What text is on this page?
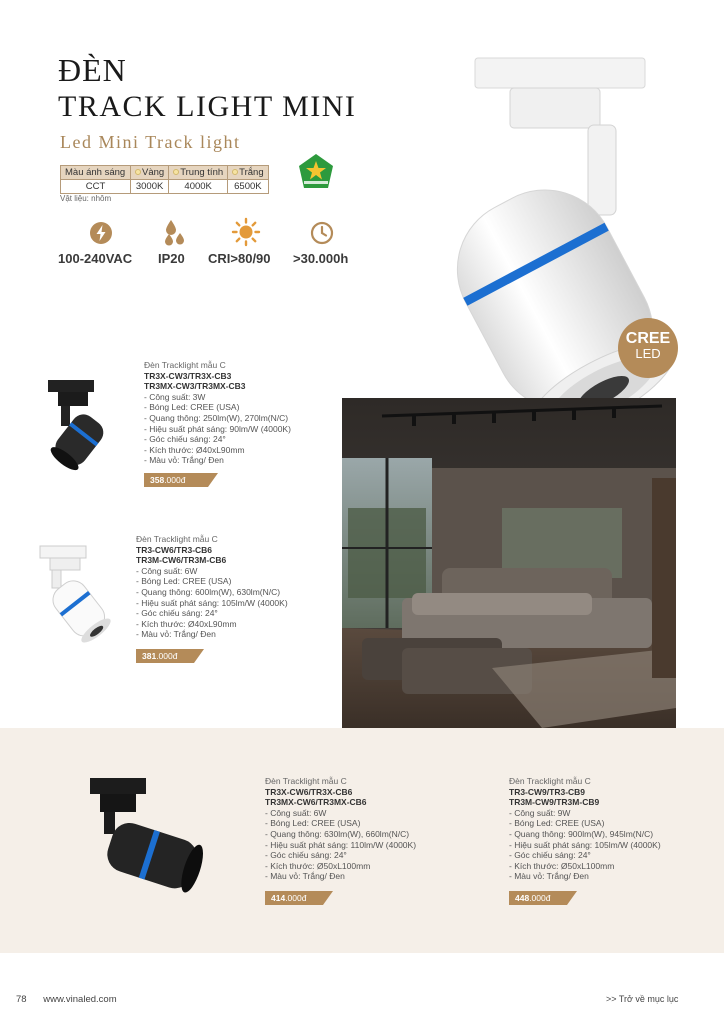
ĐÈN
TRACK LIGHT MINI
Led Mini Track light
Màu ánh sáng	Vàng	Trung tính	Trắng
CCT	3000K	4000K	6500K
Vật liệu: nhôm
100-240VAC IP20 CRI>80/90 >30.000h
CREE
LED
Đèn Tracklight mẫu C
TR3X-CW3/TR3X-CB3
TR3MX-CW3/TR3MX-CB3
- Công suất: 3W
- Bóng Led: CREE (USA)
- Quang thông: 250lm(W), 270lm(N/C)
- Hiệu suất phát sáng: 90lm/W (4000K)
- Góc chiếu sáng: 24°
- Kích thước: Ø40xL90mm
- Màu vỏ: Trắng/ Đen
358.000đ
Đèn Tracklight mẫu C
TR3-CW6/TR3-CB6
TR3M-CW6/TR3M-CB6
- Công suất: 6W
- Bóng Led: CREE (USA)
- Quang thông: 600lm(W), 630lm(N/C)
- Hiệu suất phát sáng: 105lm/W (4000K)
- Góc chiếu sáng: 24°
- Kích thước: Ø40xL90mm
- Màu vỏ: Trắng/ Đen
381.000đ
Đèn Tracklight mẫu C
TR3X-CW6/TR3X-CB6
TR3MX-CW6/TR3MX-CB6
- Công suất: 6W
- Bóng Led: CREE (USA)
- Quang thông: 630lm(W), 660lm(N/C)
- Hiệu suất phát sáng: 110lm/W (4000K)
- Góc chiếu sáng: 24°
- Kích thước: Ø50xL100mm
- Màu vỏ: Trắng/ Đen
414.000đ
Đèn Tracklight mẫu C
TR3-CW9/TR3-CB9
TR3M-CW9/TR3M-CB9
- Công suất: 9W
- Bóng Led: CREE (USA)
- Quang thông: 900lm(W), 945lm(N/C)
- Hiệu suất phát sáng: 105lm/W (4000K)
- Góc chiếu sáng: 24°
- Kích thước: Ø50xL100mm
- Màu vỏ: Trắng/ Đen
448.000đ
78 www.vinaled.com	>> Trở về mục lục
